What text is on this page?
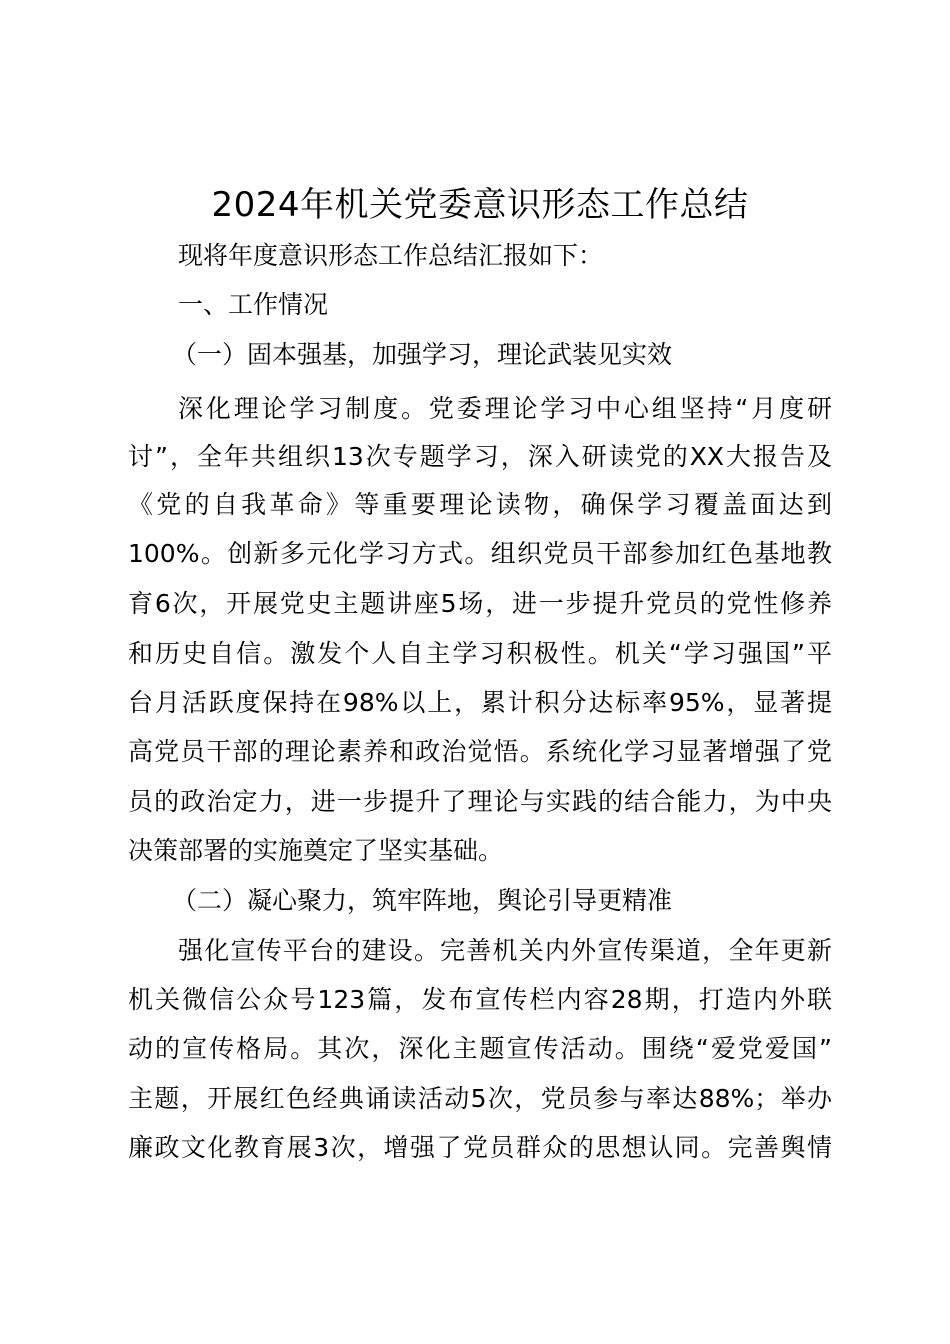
2024年机关党委意识形态工作总结
现将年度意识形态工作总结汇报如下：
一、工作情况
（一）固本强基，加强学习，理论武装见实效
深化理论学习制度。党委理论学习中心组坚持“月度研
讨”，全年共组织13次专题学习，深入研读党的XX大报告及
《党的自我革命》等重要理论读物，确保学习覆盖面达到
100%。创新多元化学习方式。组织党员干部参加红色基地教
育6次，开展党史主题讲座5场，进一步提升党员的党性修养
和历史自信。激发个人自主学习积极性。机关“学习强国”平
台月活跃度保持在98%以上，累计积分达标率95%，显著提
高党员干部的理论素养和政治觉悟。系统化学习显著增强了党
员的政治定力，进一步提升了理论与实践的结合能力，为中央
决策部署的实施奠定了坚实基础。
（二）凝心聚力，筑牢阵地，舆论引导更精准
强化宣传平台的建设。完善机关内外宣传渠道，全年更新
机关微信公众号123篇，发布宣传栏内容28期，打造内外联
动的宣传格局。其次，深化主题宣传活动。围绕“爱党爱国”
主题，开展红色经典诵读活动5次，党员参与率达88%；举办
廉政文化教育展3次，增强了党员群众的思想认同。完善舆情
